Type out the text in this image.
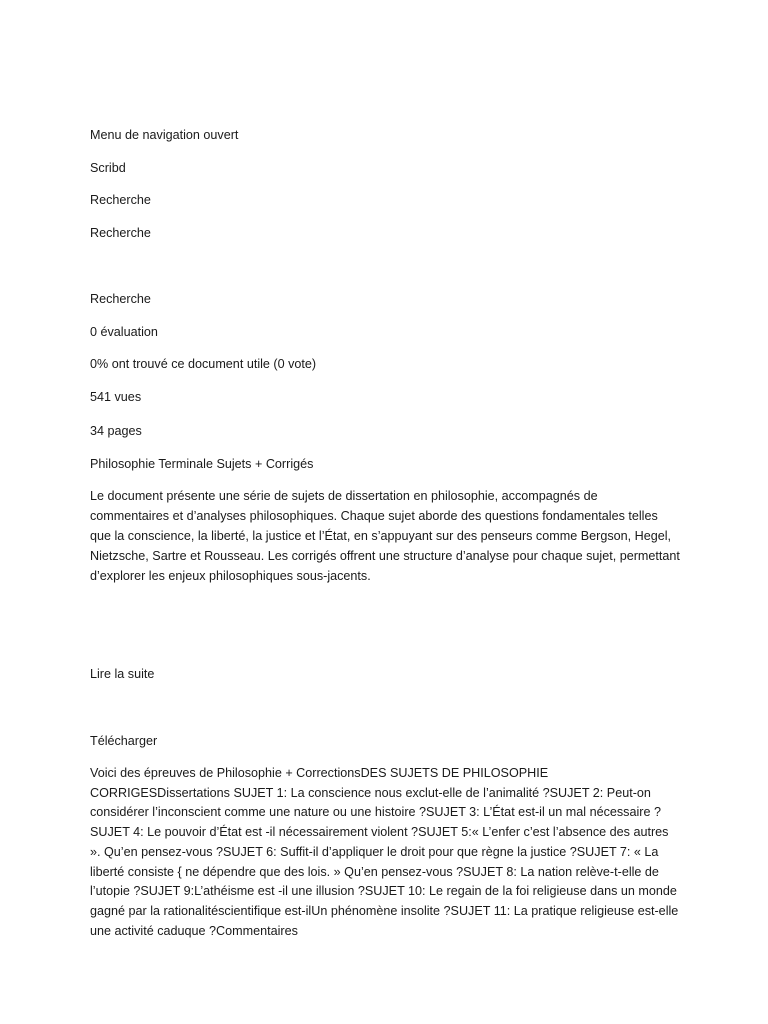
Menu de navigation ouvert
Scribd
Recherche
Recherche
Recherche
0 évaluation
0% ont trouvé ce document utile (0 vote)
541 vues
34 pages
Philosophie Terminale Sujets + Corrigés
Le document présente une série de sujets de dissertation en philosophie, accompagnés de commentaires et d’analyses philosophiques. Chaque sujet aborde des questions fondamentales telles que la conscience, la liberté, la justice et l’État, en s’appuyant sur des penseurs comme Bergson, Hegel, Nietzsche, Sartre et Rousseau. Les corrigés offrent une structure d’analyse pour chaque sujet, permettant d’explorer les enjeux philosophiques sous-jacents.
Lire la suite
Télécharger
Voici des épreuves de Philosophie + CorrectionsDES SUJETS DE PHILOSOPHIE CORRIGESDissertations SUJET 1: La conscience nous exclut-elle de l’animalité ?SUJET 2: Peut-on considérer l’inconscient comme une nature ou une histoire ?SUJET 3: L’État est-il un mal nécessaire ?SUJET 4: Le pouvoir d’État est -il nécessairement violent ?SUJET 5:« L’enfer c’est l’absence des autres ». Qu’en pensez-vous ?SUJET 6: Suffit-il d’appliquer le droit pour que règne la justice ?SUJET 7: « La liberté consiste { ne dépendre que des lois. » Qu’en pensez-vous ?SUJET 8: La nation relève-t-elle de l’utopie ?SUJET 9:L’athéisme est -il une illusion ?SUJET 10: Le regain de la foi religieuse dans un monde gagné par la rationalitéscientifique est-ilUn phénomène insolite ?SUJET 11: La pratique religieuse est-elle une activité caduque ?Commentaires
